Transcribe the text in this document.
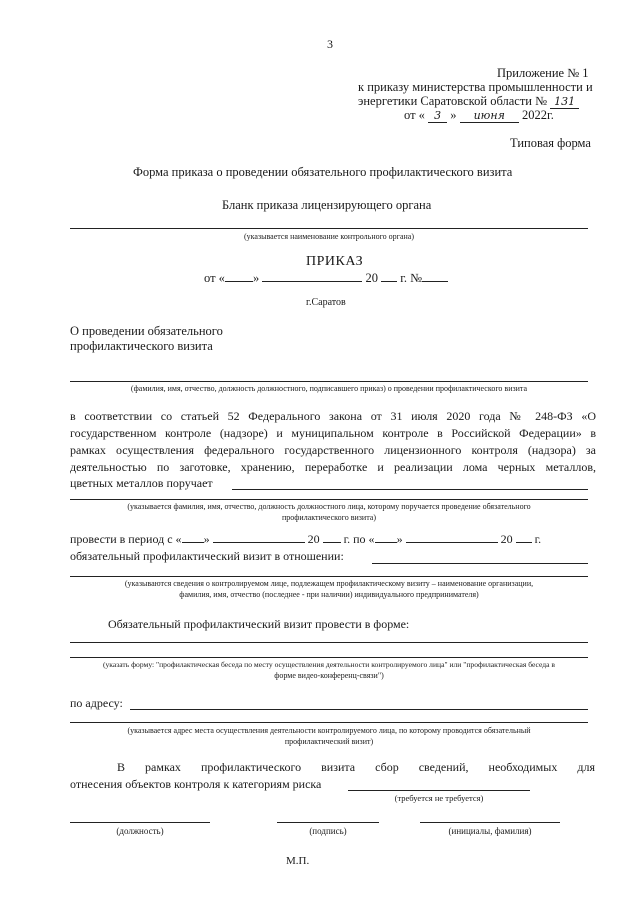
3
Приложение № 1
к приказу министерства промышленности и
энергетики Саратовской области № 131
от « 3 » июня 2022г.
Типовая форма
Форма приказа о проведении обязательного профилактического визита
Бланк приказа лицензирующего органа
(указывается наименование контрольного органа)
ПРИКАЗ
от « »	20 г. №
г.Саратов
О проведении обязательного
профилактического визита
(фамилия, имя, отчество, должность должностного, подписавшего приказ) о проведении профилактического визита
в соответствии со статьей 52 Федерального закона от 31 июля 2020 года № 248-ФЗ «О
государственном контроле (надзоре) и муниципальном контроле в Российской Федерации» в
рамках осуществления федерального государственного лицензионного контроля (надзора) за
деятельностью по заготовке, хранению, переработке и реализации лома черных металлов,
цветных металлов поручает
(указывается фамилия, имя, отчество, должность должностного лица, которому поручается проведение обязательного
профилактического визита)
провести в период с « »	20 г. по « »	20 г.
обязательный профилактический визит в отношении:
(указываются сведения о контролируемом лице, подлежащем профилактическому визиту – наименование организации,
фамилия, имя, отчество (последнее - при наличии) индивидуального предпринимателя)
Обязательный профилактический визит провести в форме:
(указать форму: "профилактическая беседа по месту осуществления деятельности контролируемого лица" или "профилактическая беседа в
форме видео-конференц-связи")
по адресу:
(указывается адрес места осуществления деятельности контролируемого лица, по которому проводится обязательный
профилактический визит)
В    рамках    профилактического    визита    сбор    сведений,    необходимых    для
отнесения объектов контроля к категориям риска
(требуется не требуется)
(должность)	(подпись)	(инициалы, фамилия)
М.П.
